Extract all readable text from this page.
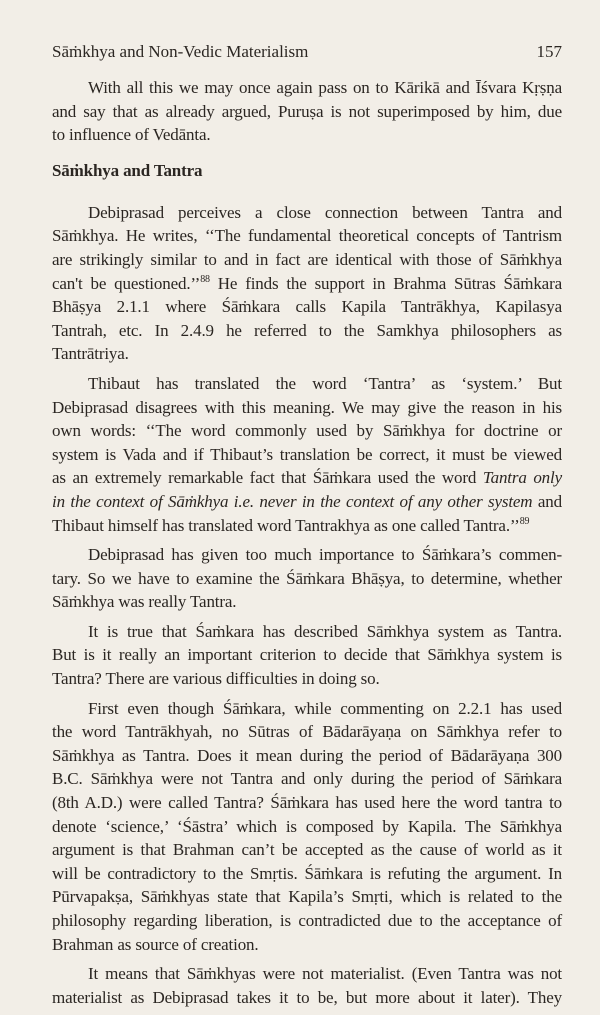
Sāṁkhya and Non-Vedic Materialism	157
With all this we may once again pass on to Kārikā and Īśvara Kṛṣṇa
and say that as already argued, Puruṣa is not superimposed by him, due
to influence of Vedānta.
Sāṁkhya and Tantra
Debiprasad perceives a close connection between Tantra and
Sāṁkhya. He writes, ‘‘The fundamental theoretical concepts of Tantrism
are strikingly similar to and in fact are identical with those of Sāṁkhya
can't be questioned.’’$^{88}$ He finds the support in Brahma Sūtras Śāṁkara
Bhāṣya 2.1.1 where Śāṁkara calls Kapila Tantrākhya, Kapilasya
Tantrah, etc. In 2.4.9 he referred to the Samkhya philosophers as
Tantrātriya.
Thibaut has translated the word ‘Tantra’ as ‘system.’ But
Debiprasad disagrees with this meaning. We may give the reason in his
own words: ‘‘The word commonly used by Sāṁkhya for doctrine or
system is Vada and if Thibaut’s translation be correct, it must be viewed
as an extremely remarkable fact that Śāṁkara used the word Tantra only
in the context of Sāṁkhya i.e. never in the context of any other system and
Thibaut himself has translated word Tantrakhya as one called Tantra.’’$^{89}$
Debiprasad has given too much importance to Śāṁkara’s commen-
tary. So we have to examine the Śāṁkara Bhāṣya, to determine, whether
Sāṁkhya was really Tantra.
It is true that Śaṁkara has described Sāṁkhya system as Tantra.
But is it really an important criterion to decide that Sāṁkhya system is
Tantra? There are various difficulties in doing so.
First even though Śāṁkara, while commenting on 2.2.1 has used
the word Tantrākhyah, no Sūtras of Bādarāyaṇa on Sāṁkhya refer to
Sāṁkhya as Tantra. Does it mean during the period of Bādarāyaṇa 300
B.C. Sāṁkhya were not Tantra and only during the period of Sāṁkara
(8th A.D.) were called Tantra? Śāṁkara has used here the word tantra to
denote ‘science,’ ‘Śāstra’ which is composed by Kapila. The Sāṁkhya
argument is that Brahman can’t be accepted as the cause of world as it
will be contradictory to the Smṛtis. Śāṁkara is refuting the argument. In
Pūrvapakṣa, Sāṁkhyas state that Kapila’s Smṛti, which is related to the
philosophy regarding liberation, is contradicted due to the acceptance of
Brahman as source of creation.
It means that Sāṁkhyas were not materialist. (Even Tantra was not
materialist as Debiprasad takes it to be, but more about it later). They
